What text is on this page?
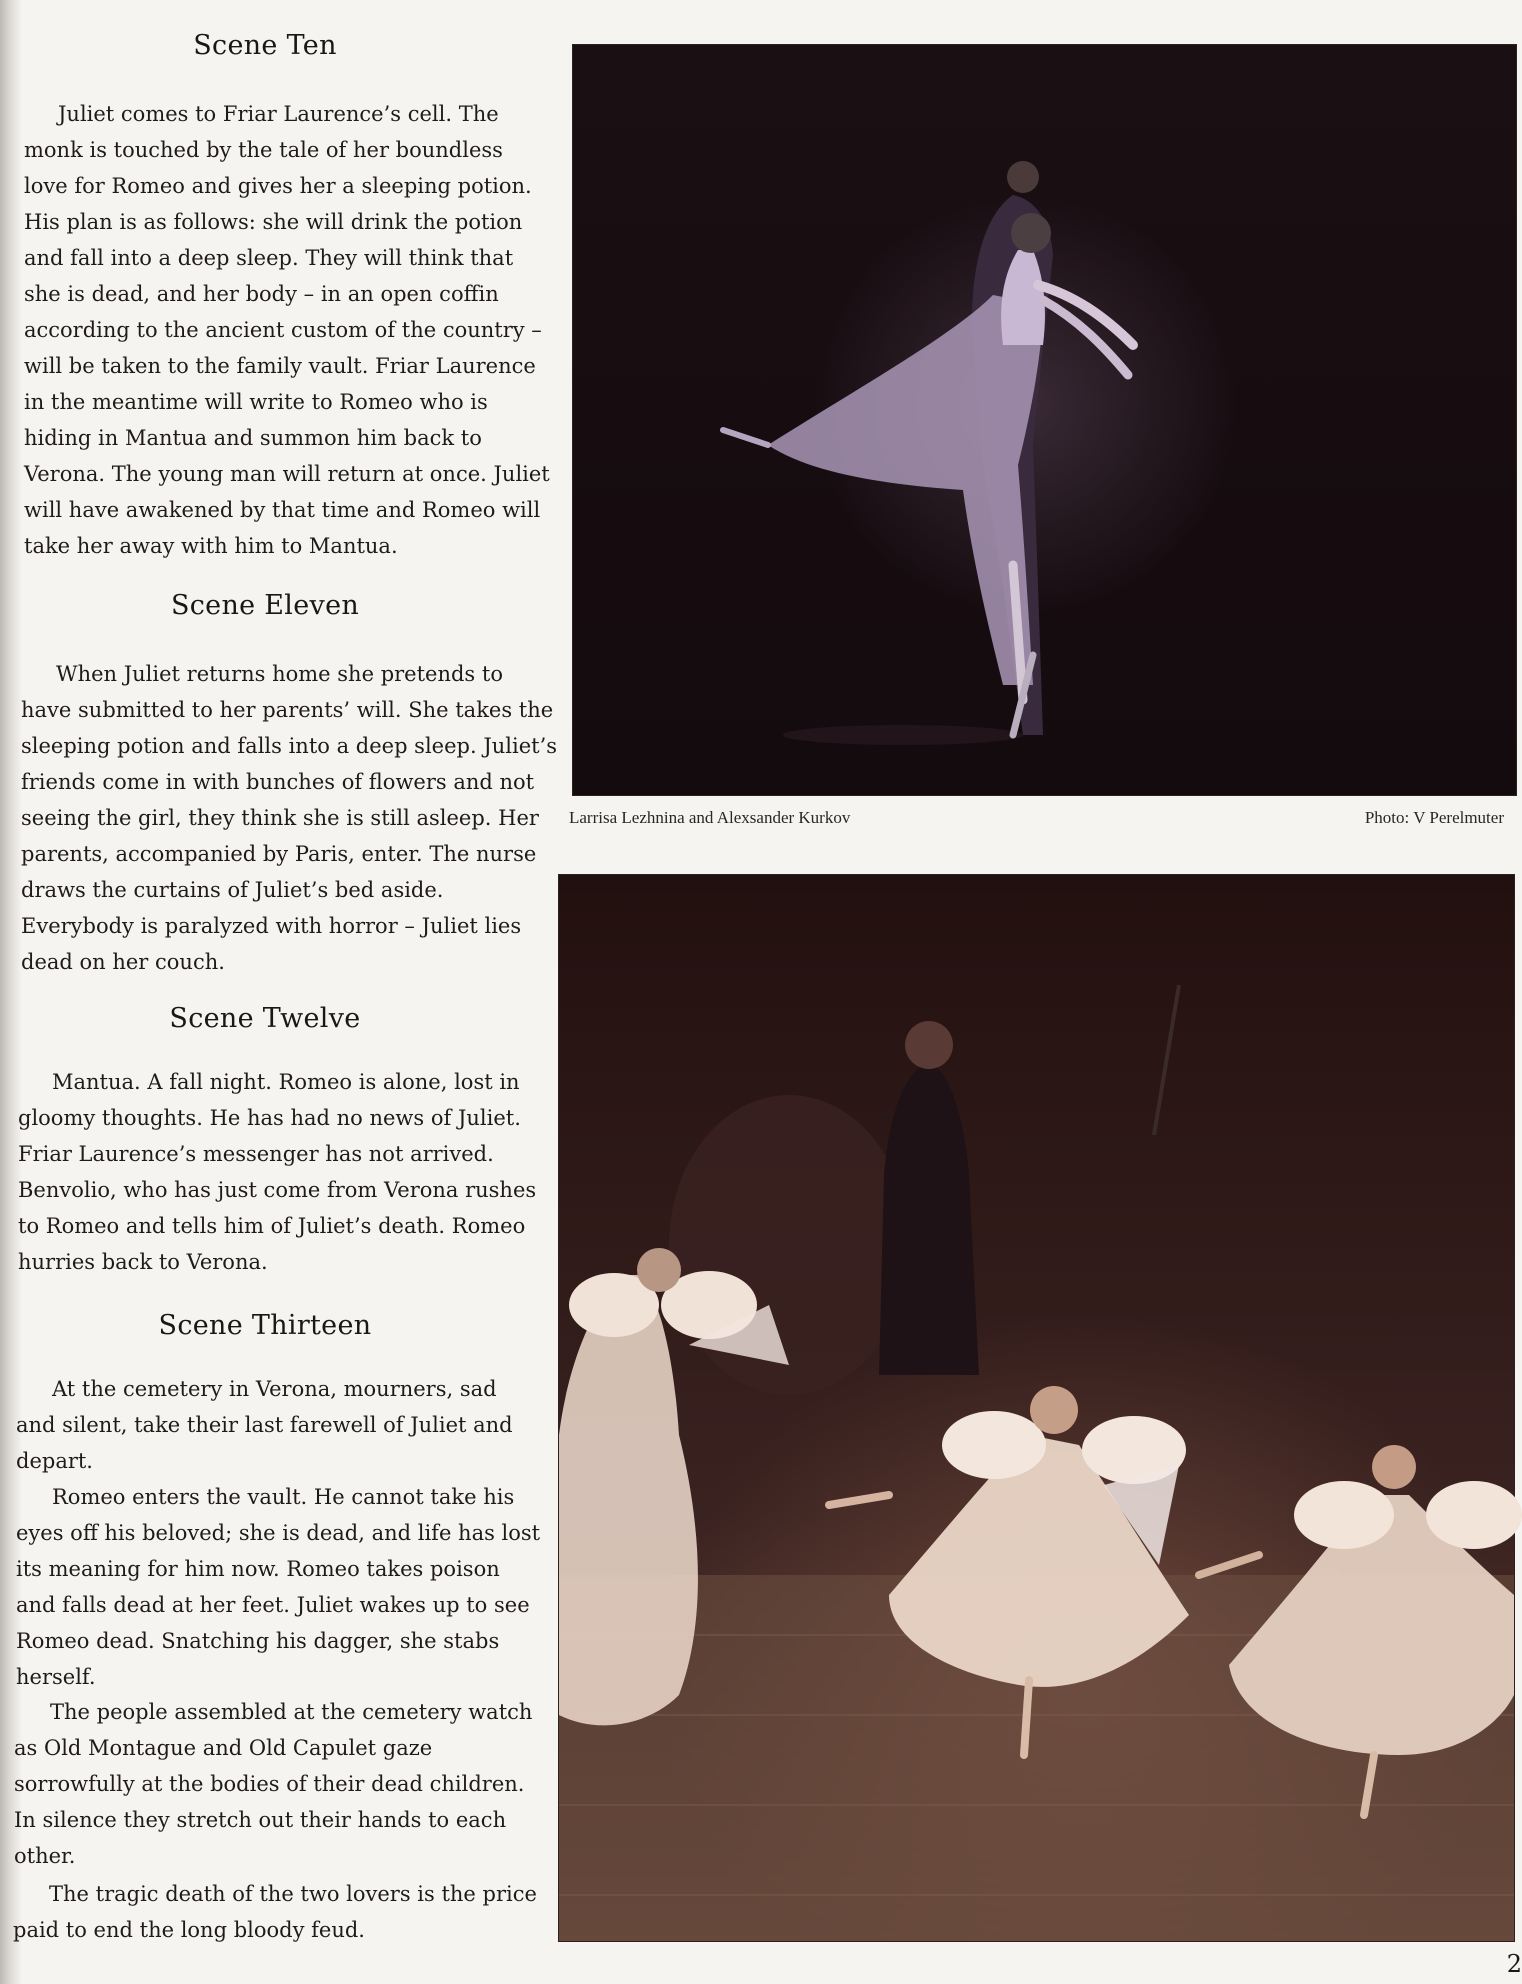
Scene Ten

Juliet comes to Friar Laurence’s cell. The
monk is touched by the tale of her boundless
love for Romeo and gives her a sleeping potion.
His plan is as follows: she will drink the potion
and fall into a deep sleep. They will think that
she is dead, and her body – in an open coffin
according to the ancient custom of the country –
will be taken to the family vault. Friar Laurence
in the meantime will write to Romeo who is
hiding in Mantua and summon him back to
Verona. The young man will return at once. Juliet
will have awakened by that time and Romeo will
take her away with him to Mantua.

Scene Eleven

When Juliet returns home she pretends to
have submitted to her parents’ will. She takes the
sleeping potion and falls into a deep sleep. Juliet’s
friends come in with bunches of flowers and not
seeing the girl, they think she is still asleep. Her
parents, accompanied by Paris, enter. The nurse
draws the curtains of Juliet’s bed aside.
Everybody is paralyzed with horror – Juliet lies
dead on her couch.

Scene Twelve

Mantua. A fall night. Romeo is alone, lost in
gloomy thoughts. He has had no news of Juliet.
Friar Laurence’s messenger has not arrived.
Benvolio, who has just come from Verona rushes
to Romeo and tells him of Juliet’s death. Romeo
hurries back to Verona.

Scene Thirteen

At the cemetery in Verona, mourners, sad
and silent, take their last farewell of Juliet and
depart.

Romeo enters the vault. He cannot take his
eyes off his beloved; she is dead, and life has lost
its meaning for him now. Romeo takes poison
and falls dead at her feet. Juliet wakes up to see
Romeo dead. Snatching his dagger, she stabs
herself.

The people assembled at the cemetery watch
as Old Montague and Old Capulet gaze
sorrowfully at the bodies of their dead children.
In silence they stretch out their hands to each
other.

The tragic death of the two lovers is the price
paid to end the long bloody feud.

Larrisa Lezhnina and Alexsander Kurkov	Photo: V Perelmuter
2
